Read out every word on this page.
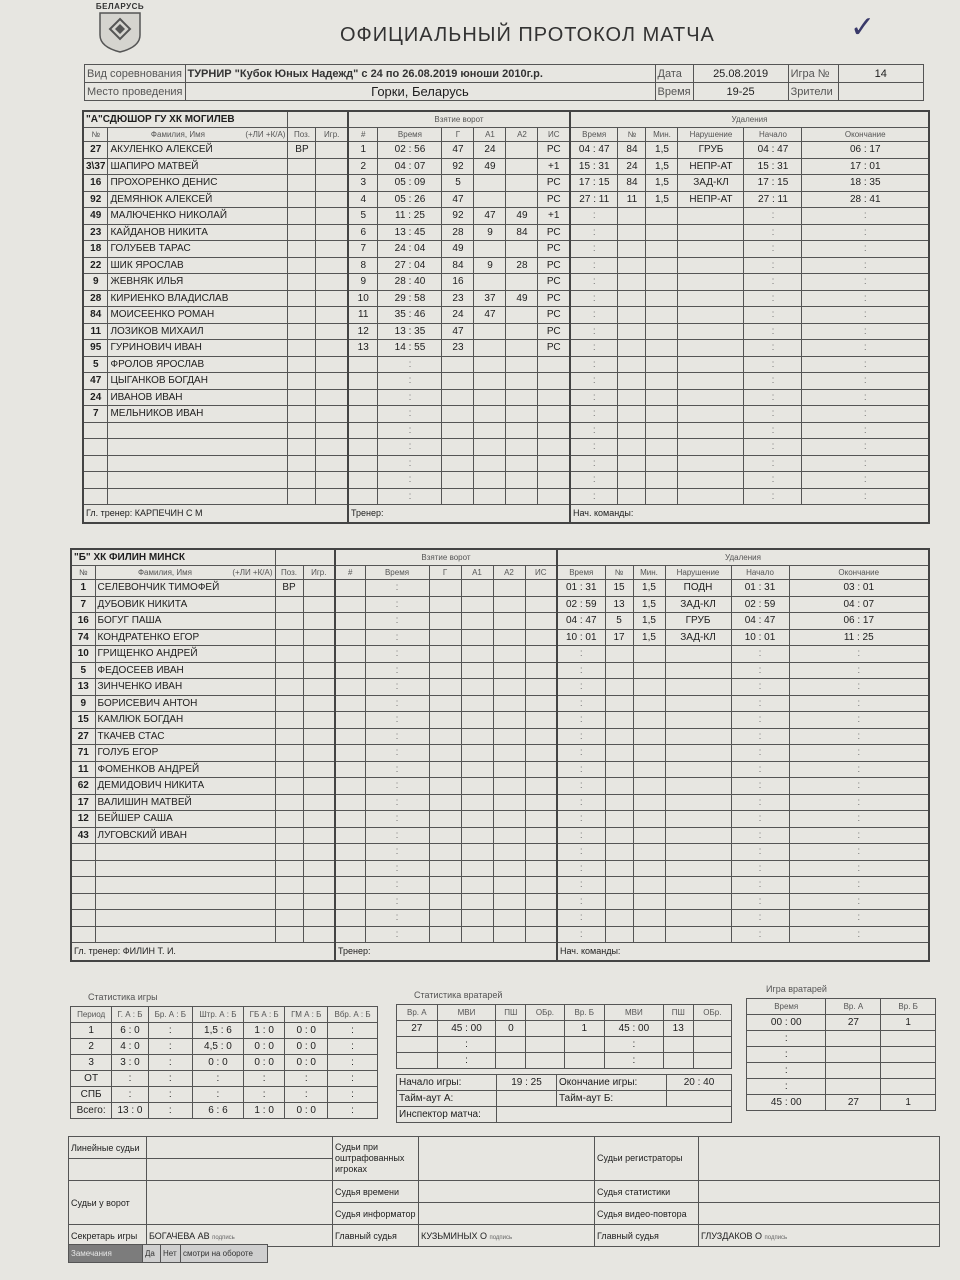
БЕЛАРУСЬ
ОФИЦИАЛЬНЫЙ ПРОТОКОЛ МАТЧА	✓
Вид соревнования	ТУРНИР "Кубок Юных Надежд" с 24 по 26.08.2019 юноши 2010г.р.	Дата	25.08.2019	Игра №	14
Место проведения	Горки, Беларусь	Время	19-25	Зрители	
"А"СДЮШОР ГУ ХК МОГИЛЕВ				Взятие ворот						Удаления					
№	Фамилия, Имя (+ЛИ +К/А)	Поз.	Игр.	#	Время	Г	А1	А2	ИС	Время	№	Мин.	Нарушение	Начало	Окончание
27	АКУЛЕНКО АЛЕКСЕЙ	ВР		1	02 : 56	47	24		РС	04 : 47	84	1,5	ГРУБ	04 : 47	06 : 17
3\37	ШАПИРО МАТВЕЙ			2	04 : 07	92	49		+1	15 : 31	24	1,5	НЕПР-АТ	15 : 31	17 : 01
16	ПРОХОРЕНКО ДЕНИС			3	05 : 09	5			РС	17 : 15	84	1,5	ЗАД-КЛ	17 : 15	18 : 35
92	ДЕМЯНЮК АЛЕКСЕЙ			4	05 : 26	47			РС	27 : 11	11	1,5	НЕПР-АТ	27 : 11	28 : 41
49	МАЛЮЧЕНКО НИКОЛАЙ			5	11 : 25	92	47	49	+1	:				:	:
23	КАЙДАНОВ НИКИТА			6	13 : 45	28	9	84	РС	:				:	:
18	ГОЛУБЕВ ТАРАС			7	24 : 04	49			РС	:				:	:
22	ШИК ЯРОСЛАВ			8	27 : 04	84	9	28	РС	:				:	:
9	ЖЕВНЯК ИЛЬЯ			9	28 : 40	16			РС	:				:	:
28	КИРИЕНКО ВЛАДИСЛАВ			10	29 : 58	23	37	49	РС	:				:	:
84	МОИСЕЕНКО РОМАН			11	35 : 46	24	47		РС	:				:	:
11	ЛОЗИКОВ МИХАИЛ			12	13 : 35	47			РС	:				:	:
95	ГУРИНОВИЧ ИВАН			13	14 : 55	23			РС	:				:	:
5	ФРОЛОВ ЯРОСЛАВ				:					:				:	:
47	ЦЫГАНКОВ БОГДАН				:					:				:	:
24	ИВАНОВ ИВАН				:					:				:	:
7	МЕЛЬНИКОВ ИВАН				:					:				:	:
					:					:				:	:
					:					:				:	:
					:					:				:	:
					:					:				:	:
					:					:				:	:
Гл. тренер: КАРПЕЧИН С М				Тренер:						Нач. команды:					
"Б" ХК ФИЛИН МИНСК				Взятие ворот						Удаления					
№	Фамилия, Имя (+ЛИ +К/А)	Поз.	Игр.	#	Время	Г	А1	А2	ИС	Время	№	Мин.	Нарушение	Начало	Окончание
1	СЕЛЕВОНЧИК ТИМОФЕЙ	ВР			:					01 : 31	15	1,5	ПОДН	01 : 31	03 : 01
7	ДУБОВИК НИКИТА				:					02 : 59	13	1,5	ЗАД-КЛ	02 : 59	04 : 07
16	БОГУГ ПАША				:					04 : 47	5	1,5	ГРУБ	04 : 47	06 : 17
74	КОНДРАТЕНКО ЕГОР				:					10 : 01	17	1,5	ЗАД-КЛ	10 : 01	11 : 25
10	ГРИЩЕНКО АНДРЕЙ				:					:				:	:
5	ФЕДОСЕЕВ ИВАН				:					:				:	:
13	ЗИНЧЕНКО ИВАН				:					:				:	:
9	БОРИСЕВИЧ АНТОН				:					:				:	:
15	КАМЛЮК БОГДАН				:					:				:	:
27	ТКАЧЕВ СТАС				:					:				:	:
71	ГОЛУБ ЕГОР				:					:				:	:
11	ФОМЕНКОВ АНДРЕЙ				:					:				:	:
62	ДЕМИДОВИЧ НИКИТА				:					:				:	:
17	ВАЛИШИН МАТВЕЙ				:					:				:	:
12	БЕЙШЕР САША				:					:				:	:
43	ЛУГОВСКИЙ ИВАН				:					:				:	:
					:					:				:	:
					:					:				:	:
					:					:				:	:
					:					:				:	:
					:					:				:	:
					:					:				:	:
Гл. тренер: ФИЛИН Т. И.				Тренер:						Нач. команды:					
Статистика игры
Период	Г. А : Б	Бр. А : Б	Штр. А : Б	ГБ А : Б	ГМ А : Б	Вбр. А : Б
1	6 : 0	:	1,5 : 6	1 : 0	0 : 0	:
2	4 : 0	:	4,5 : 0	0 : 0	0 : 0	:
3	3 : 0	:	0 : 0	0 : 0	0 : 0	:
ОТ	:	:	:	:	:	:
СПБ	:	:	:	:	:	:
Всего:	13 : 0	:	6 : 6	1 : 0	0 : 0	:
Статистика вратарей
Вр. А	МВИ	ПШ	ОБр.	Вр. Б	МВИ	ПШ	ОБр.
27	45 : 00	0		1	45 : 00	13	
	:				:		
	:				:		
Начало игры:	19 : 25	Окончание игры:	20 : 40
Тайм-аут А:		Тайм-аут Б:	
Инспектор матча:			
Игра вратарей
Время	Вр. А	Вр. Б
00 : 00	27	1
:		
:		
:		
:		
45 : 00	27	1
Линейные судьи		Судьи при оштрафованных игроках		Судьи регистраторы	

Судьи у ворот		Судья времени		Судья статистики	
		Судья информатор		Судья видео-повтора	
Секретарь игры	БОГАЧЕВА АВ подпись	Главный судья	КУЗЬМИНЫХ О подпись	Главный судья	ГЛУЗДАКОВ О подпись
Замечания	Да	Нет	смотри на обороте
